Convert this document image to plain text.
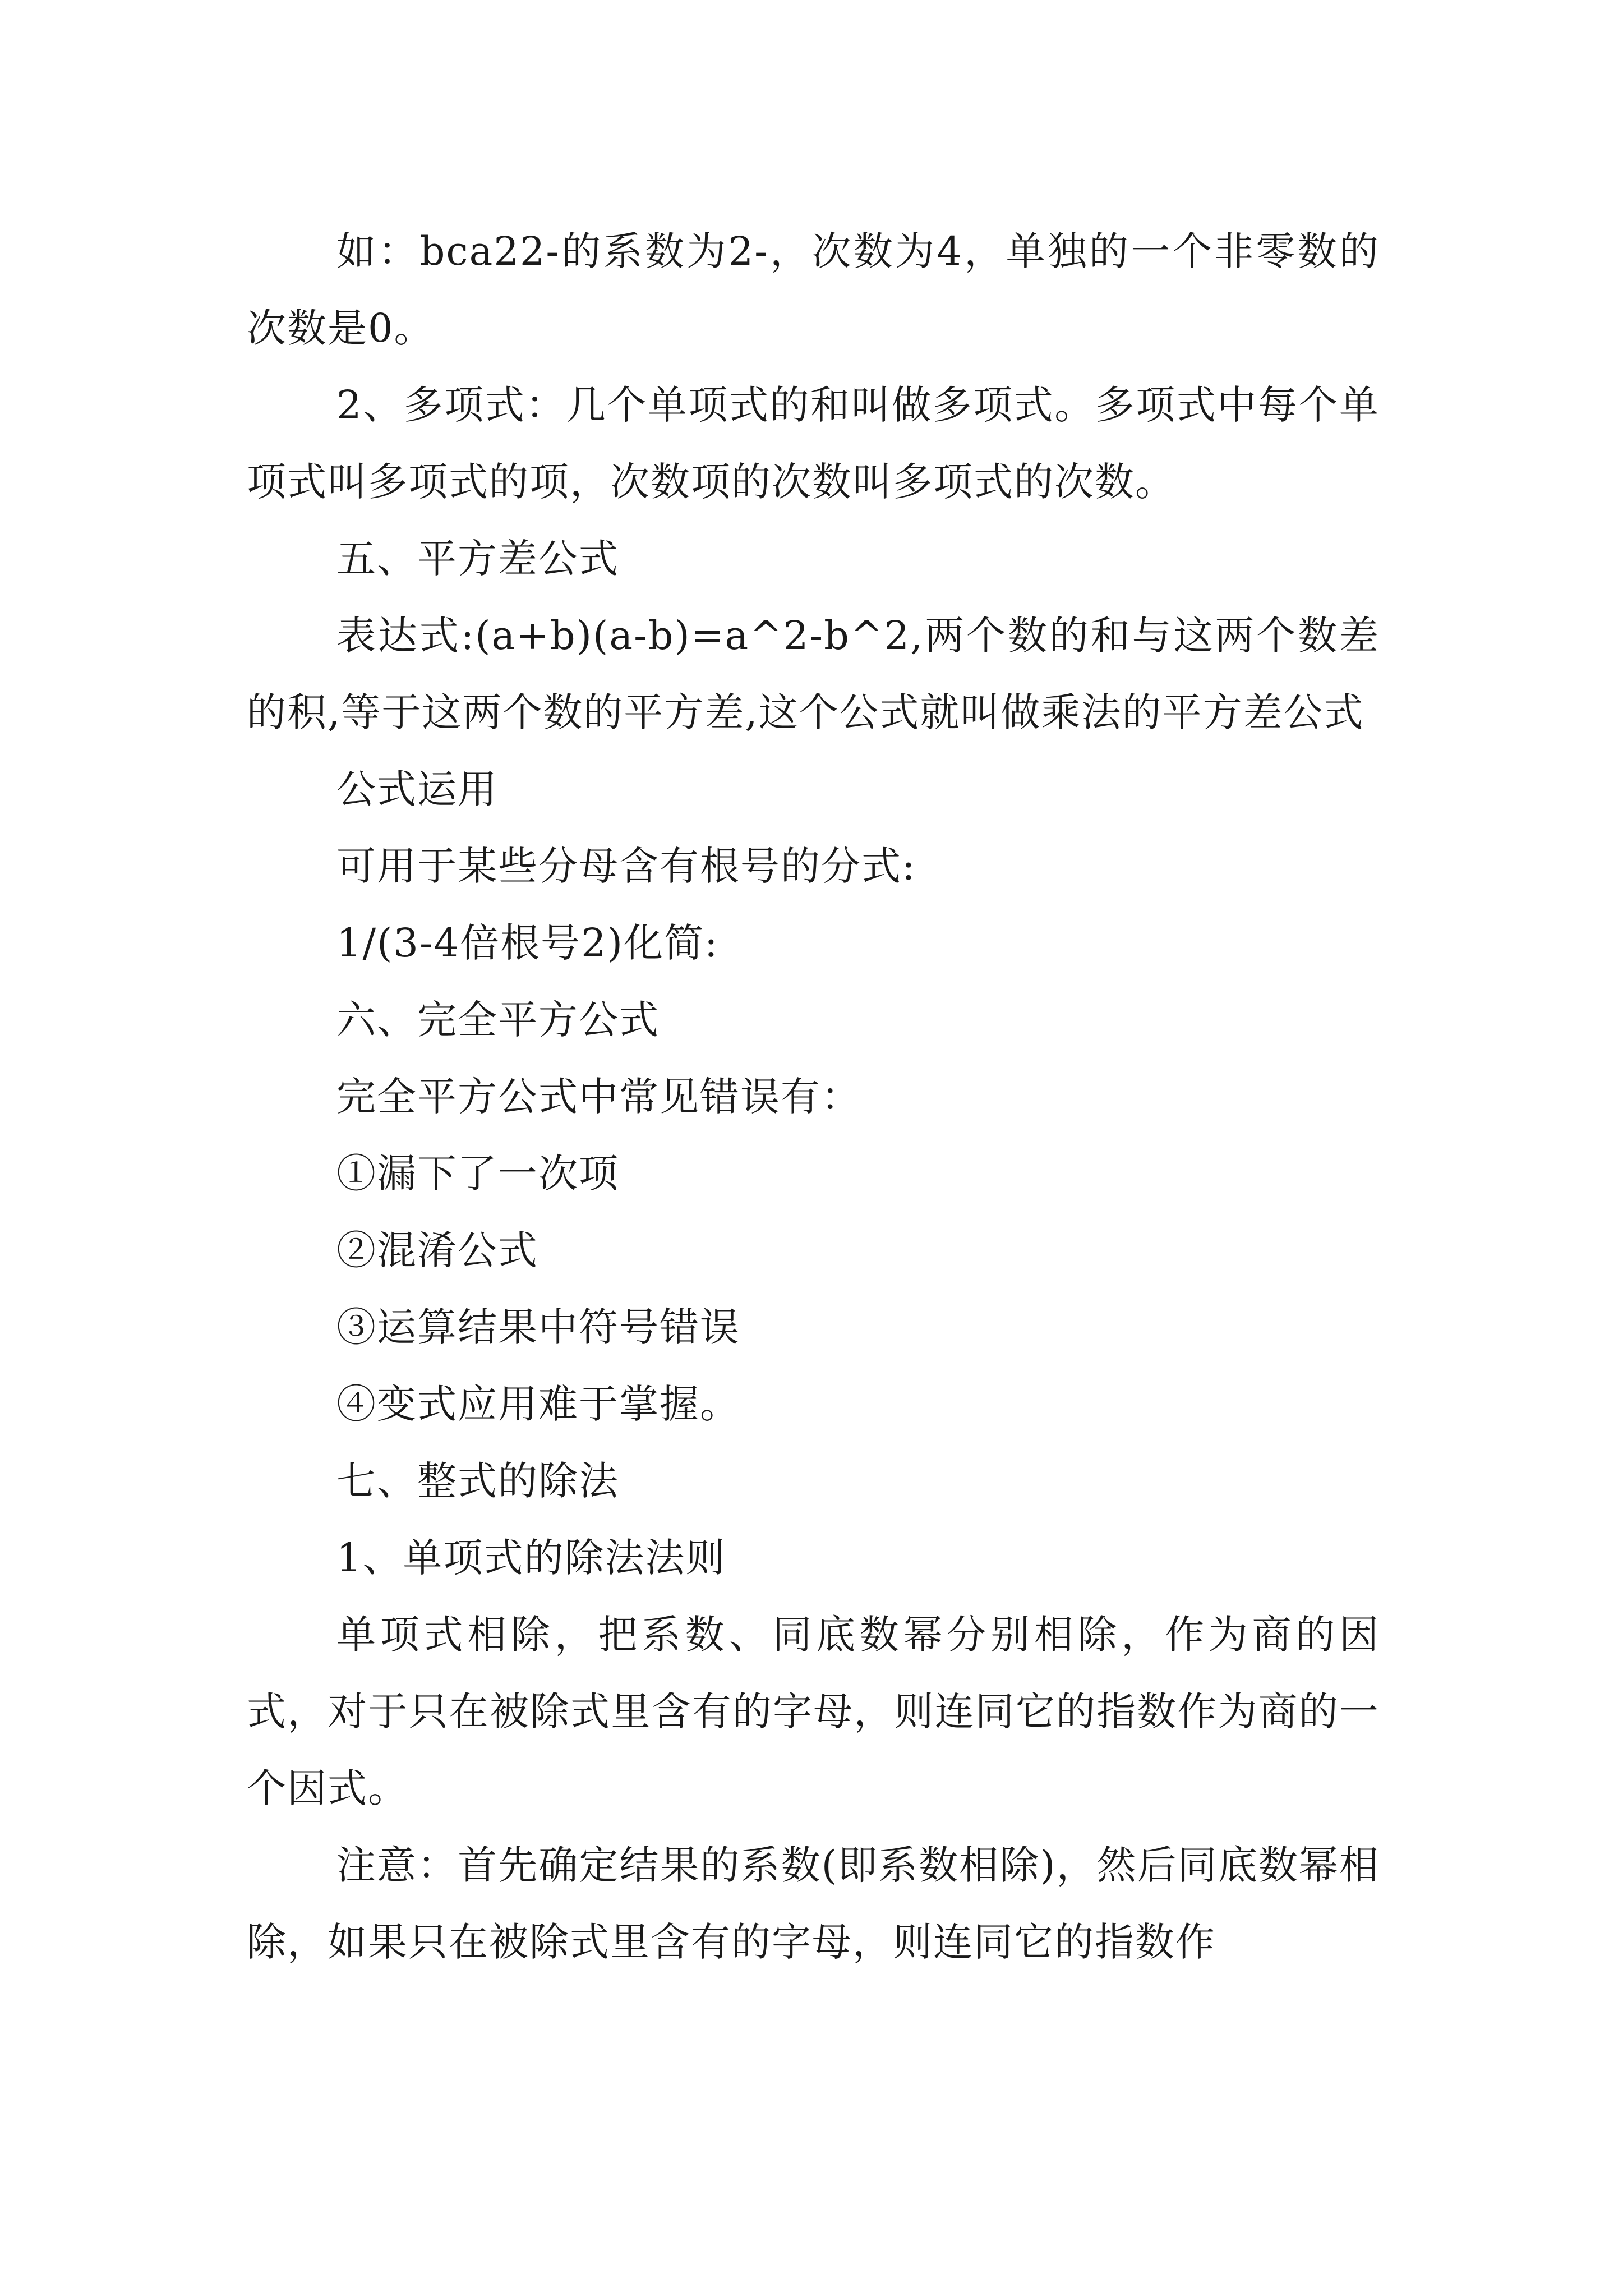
如：bca22-的系数为2-，次数为4，单独的一个非零数的次数是0。

2、多项式：几个单项式的和叫做多项式。多项式中每个单项式叫多项式的项，次数项的次数叫多项式的次数。

五、平方差公式

表达式:(a+b)(a-b)=a^2-b^2,两个数的和与这两个数差的积,等于这两个数的平方差,这个公式就叫做乘法的平方差公式

公式运用

可用于某些分母含有根号的分式:

1/(3-4倍根号2)化简:

六、完全平方公式

完全平方公式中常见错误有：

①漏下了一次项

②混淆公式

③运算结果中符号错误

④变式应用难于掌握。

七、整式的除法

1、单项式的除法法则

单项式相除，把系数、同底数幂分别相除，作为商的因式，对于只在被除式里含有的字母，则连同它的指数作为商的一个因式。

注意：首先确定结果的系数(即系数相除)，然后同底数幂相除，如果只在被除式里含有的字母，则连同它的指数作
